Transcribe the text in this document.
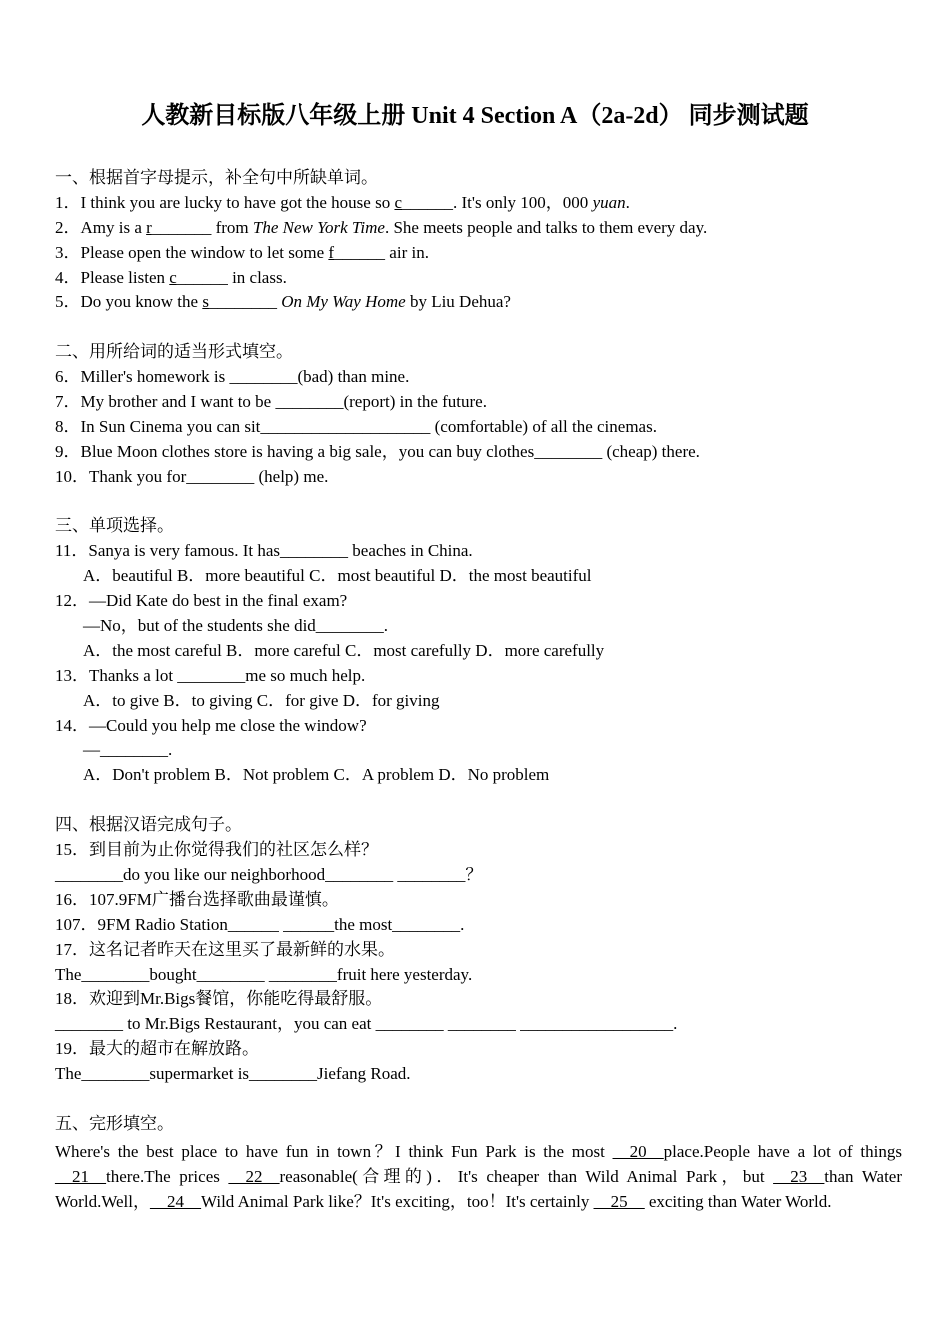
人教新目标版八年级上册 Unit 4 Section A（2a-2d） 同步测试题
一、根据首字母提示，补全句中所缺单词。
1．I think you are lucky to have got the house so c______. It's only 100，000 yuan.
2．Amy is a r_______ from The New York Time. She meets people and talks to them every day.
3．Please open the window to let some f______ air in.
4．Please listen c______ in class.
5．Do you know the s________ On My Way Home by Liu Dehua?
二、用所给词的适当形式填空。
6．Miller's homework is ________(bad) than mine.
7．My brother and I want to be ________(report) in the future.
8．In Sun Cinema you can sit____________________ (comfortable) of all the cinemas.
9．Blue Moon clothes store is having a big sale，you can buy clothes________ (cheap) there.
10．Thank you for________ (help) me.
三、单项选择。
11．Sanya is very famous. It has________ beaches in China.
A．beautiful B．more beautiful C．most beautiful D．the most beautiful
12．—Did Kate do best in the final exam?
—No，but of the students she did________.
A．the most careful B．more careful C．most carefully D．more carefully
13．Thanks a lot ________me so much help.
A．to give B．to giving C．for give D．for giving
14．—Could you help me close the window?
—________.
A．Don't problem B．Not problem C．A problem D．No problem
四、根据汉语完成句子。
15．到目前为止你觉得我们的社区怎么样？
________do you like our neighborhood________ ________？
16．107.9FM广播台选择歌曲最谨慎。
107．9FM Radio Station______ ______the most________.
17．这名记者昨天在这里买了最新鲜的水果。
The________bought________ ________fruit here yesterday.
18．欢迎到Mr.Bigs餐馆，你能吃得最舒服。
________ to Mr.Bigs Restaurant，you can eat ________ ________ __________________.
19．最大的超市在解放路。
The________supermarket is________Jiefang Road.
五、完形填空。
Where's the best place to have fun in town？I think Fun Park is the most __20__place.People have a lot of things __21__there.The prices __22__reasonable(合理的)．It's cheaper than Wild Animal Park，but __23__than Water World.Well，__24__Wild Animal Park like？It's exciting，too！It's certainly __25__ exciting than Water World.
